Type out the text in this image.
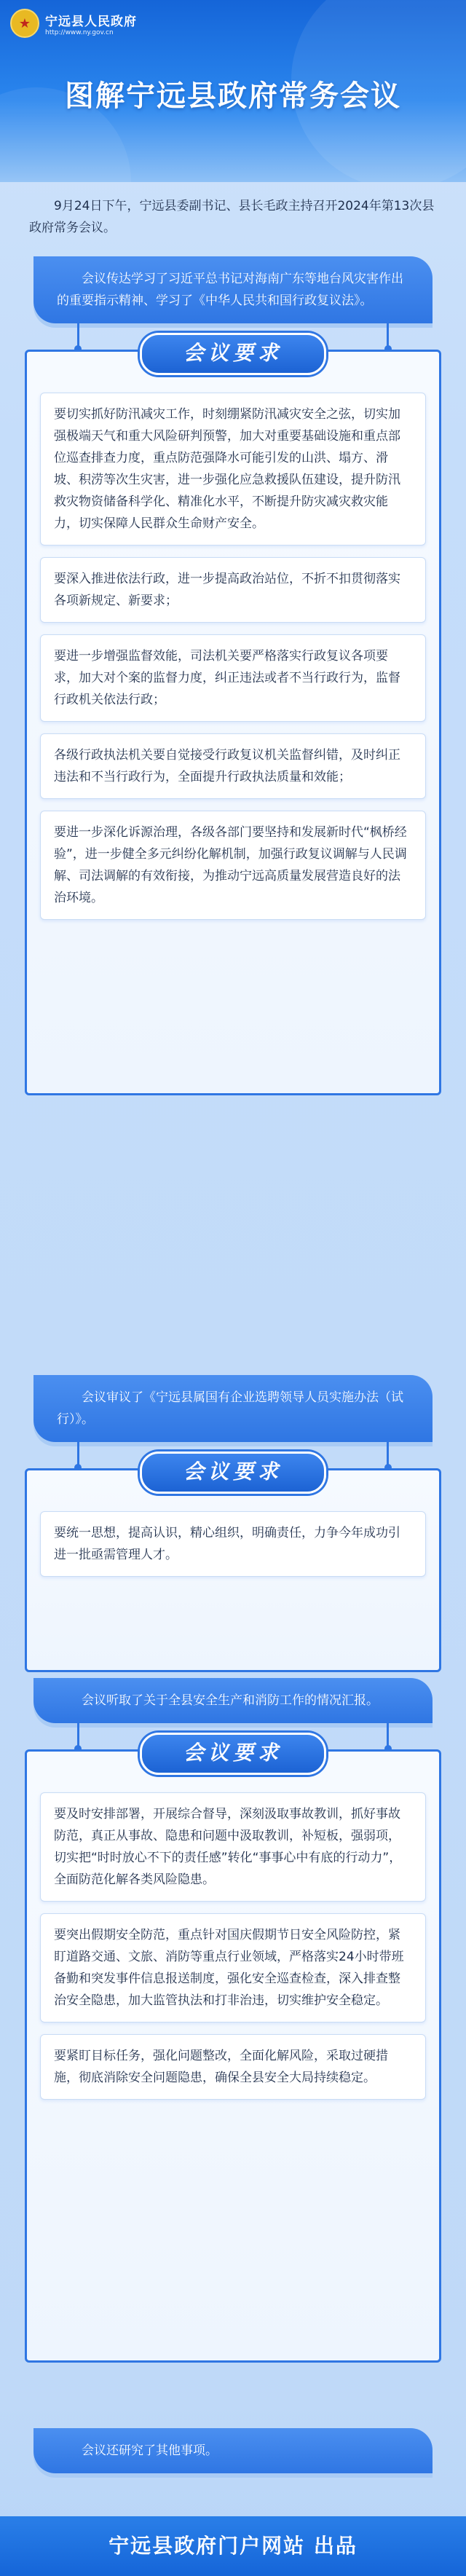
★ 宁远县人民政府
http://www.ny.gov.cn
图解宁远县政府常务会议
9月24日下午，宁远县委副书记、县长毛政主持召开2024年第13次县政府常务会议。
会议传达学习了习近平总书记对海南广东等地台风灾害作出的重要指示精神、学习了《中华人民共和国行政复议法》。
会议要求
要切实抓好防汛减灾工作，时刻绷紧防汛减灾安全之弦，切实加强极端天气和重大风险研判预警，加大对重要基础设施和重点部位巡查排查力度，重点防范强降水可能引发的山洪、塌方、滑坡、积涝等次生灾害，进一步强化应急救援队伍建设，提升防汛救灾物资储备科学化、精准化水平，不断提升防灾减灾救灾能力，切实保障人民群众生命财产安全。
要深入推进依法行政，进一步提高政治站位，不折不扣贯彻落实各项新规定、新要求；
要进一步增强监督效能，司法机关要严格落实行政复议各项要求，加大对个案的监督力度，纠正违法或者不当行政行为，监督行政机关依法行政；
各级行政执法机关要自觉接受行政复议机关监督纠错，及时纠正违法和不当行政行为，全面提升行政执法质量和效能；
要进一步深化诉源治理，各级各部门要坚持和发展新时代“枫桥经验”，进一步健全多元纠纷化解机制，加强行政复议调解与人民调解、司法调解的有效衔接，为推动宁远高质量发展营造良好的法治环境。
会议审议了《宁远县属国有企业选聘领导人员实施办法（试行）》。
会议要求
要统一思想，提高认识，精心组织，明确责任，力争今年成功引进一批亟需管理人才。
会议听取了关于全县安全生产和消防工作的情况汇报。
会议要求
要及时安排部署，开展综合督导，深刻汲取事故教训，抓好事故防范，真正从事故、隐患和问题中汲取教训，补短板，强弱项，切实把“时时放心不下的责任感”转化“事事心中有底的行动力”，全面防范化解各类风险隐患。
要突出假期安全防范，重点针对国庆假期节日安全风险防控，紧盯道路交通、文旅、消防等重点行业领域，严格落实24小时带班备勤和突发事件信息报送制度，强化安全巡查检查，深入排查整治安全隐患，加大监管执法和打非治违，切实维护安全稳定。
要紧盯目标任务，强化问题整改，全面化解风险，采取过硬措施，彻底消除安全问题隐患，确保全县安全大局持续稳定。
会议还研究了其他事项。
宁远县政府门户网站 出品
